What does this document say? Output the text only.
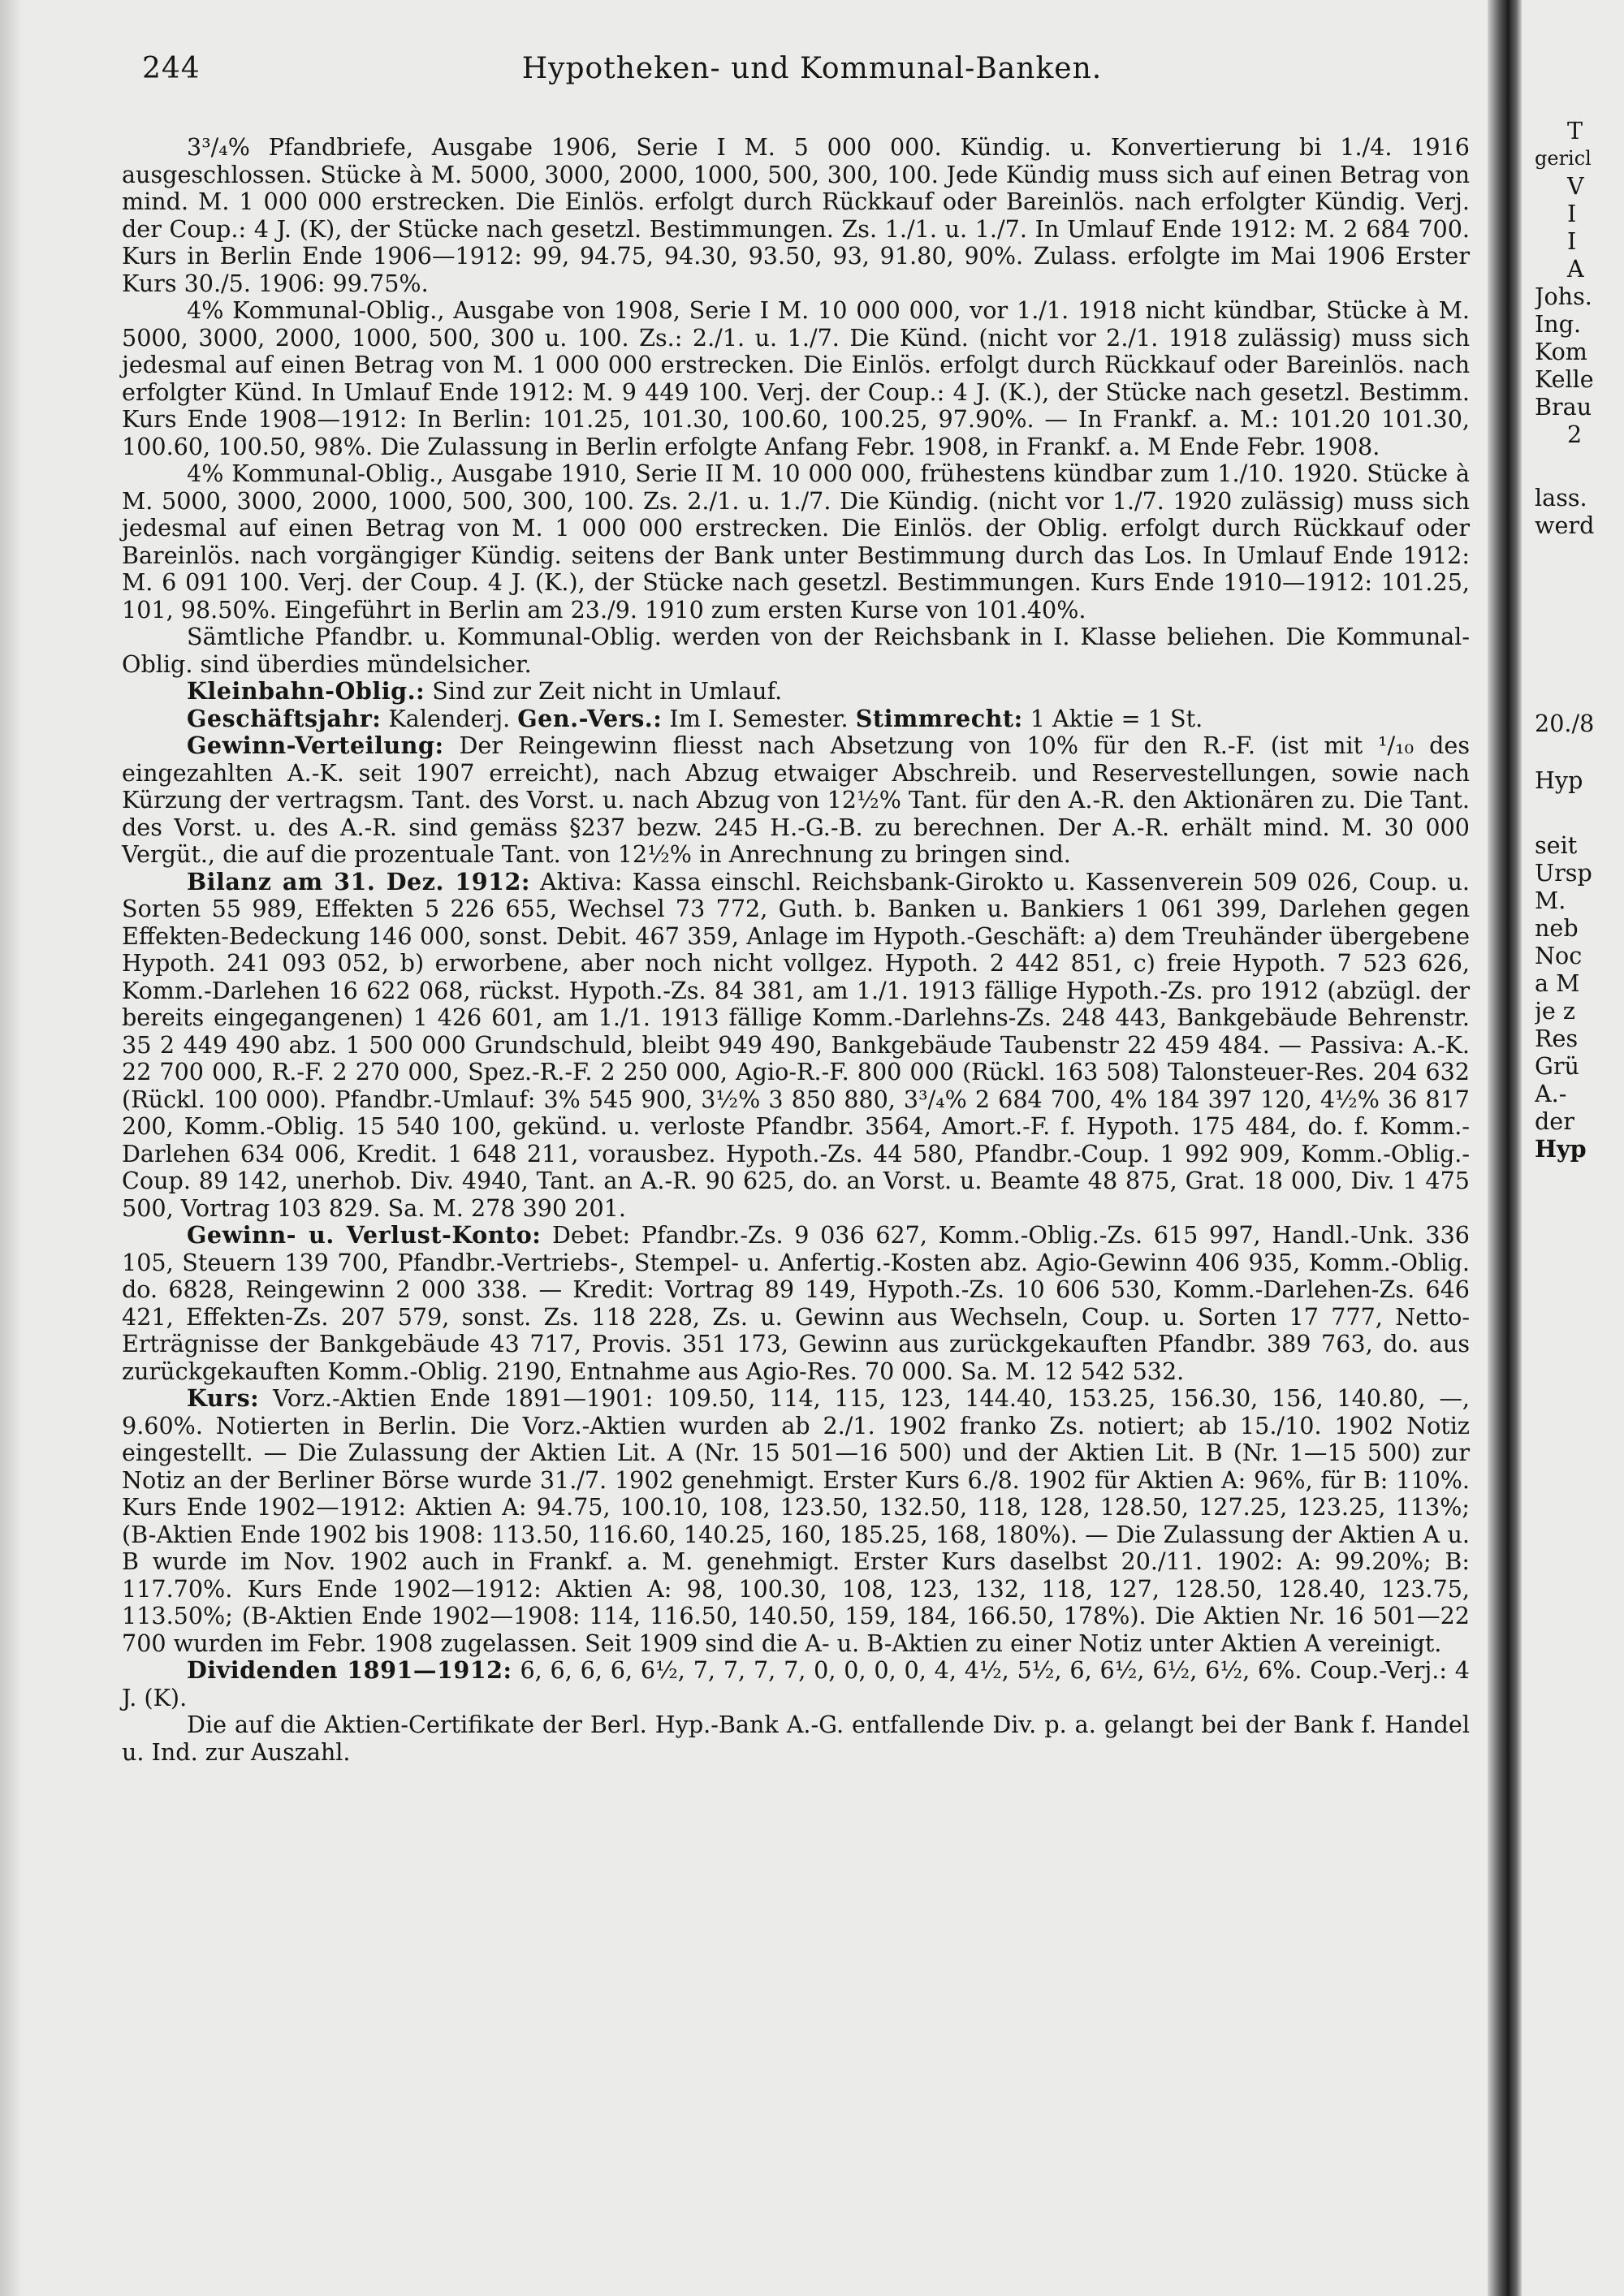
244	Hypotheken- und Kommunal-Banken.

3³/₄% Pfandbriefe, Ausgabe 1906, Serie I M. 5 000 000. Kündig. u. Konvertierung bi 1./4. 1916 ausgeschlossen. Stücke à M. 5000, 3000, 2000, 1000, 500, 300, 100. Jede Kündig muss sich auf einen Betrag von mind. M. 1 000 000 erstrecken. Die Einlös. erfolgt durch Rückkauf oder Bareinlös. nach erfolgter Kündig. Verj. der Coup.: 4 J. (K), der Stücke nach gesetzl. Bestimmungen. Zs. 1./1. u. 1./7. In Umlauf Ende 1912: M. 2 684 700. Kurs in Berlin Ende 1906—1912: 99, 94.75, 94.30, 93.50, 93, 91.80, 90%. Zulass. erfolgte im Mai 1906 Erster Kurs 30./5. 1906: 99.75%.

4% Kommunal-Oblig., Ausgabe von 1908, Serie I M. 10 000 000, vor 1./1. 1918 nicht kündbar, Stücke à M. 5000, 3000, 2000, 1000, 500, 300 u. 100. Zs.: 2./1. u. 1./7. Die Künd. (nicht vor 2./1. 1918 zulässig) muss sich jedesmal auf einen Betrag von M. 1 000 000 erstrecken. Die Einlös. erfolgt durch Rückkauf oder Bareinlös. nach erfolgter Künd. In Umlauf Ende 1912: M. 9 449 100. Verj. der Coup.: 4 J. (K.), der Stücke nach gesetzl. Bestimm. Kurs Ende 1908—1912: In Berlin: 101.25, 101.30, 100.60, 100.25, 97.90%. — In Frankf. a. M.: 101.20 101.30, 100.60, 100.50, 98%. Die Zulassung in Berlin erfolgte Anfang Febr. 1908, in Frankf. a. M Ende Febr. 1908.

4% Kommunal-Oblig., Ausgabe 1910, Serie II M. 10 000 000, frühestens kündbar zum 1./10. 1920. Stücke à M. 5000, 3000, 2000, 1000, 500, 300, 100. Zs. 2./1. u. 1./7. Die Kündig. (nicht vor 1./7. 1920 zulässig) muss sich jedesmal auf einen Betrag von M. 1 000 000 erstrecken. Die Einlös. der Oblig. erfolgt durch Rückkauf oder Bareinlös. nach vorgängiger Kündig. seitens der Bank unter Bestimmung durch das Los. In Umlauf Ende 1912: M. 6 091 100. Verj. der Coup. 4 J. (K.), der Stücke nach gesetzl. Bestimmungen. Kurs Ende 1910—1912: 101.25, 101, 98.50%. Eingeführt in Berlin am 23./9. 1910 zum ersten Kurse von 101.40%.

Sämtliche Pfandbr. u. Kommunal-Oblig. werden von der Reichsbank in I. Klasse beliehen. Die Kommunal-Oblig. sind überdies mündelsicher.

Kleinbahn-Oblig.: Sind zur Zeit nicht in Umlauf.

Geschäftsjahr: Kalenderj. Gen.-Vers.: Im I. Semester. Stimmrecht: 1 Aktie = 1 St.

Gewinn-Verteilung: Der Reingewinn fliesst nach Absetzung von 10% für den R.-F. (ist mit ¹/₁₀ des eingezahlten A.-K. seit 1907 erreicht), nach Abzug etwaiger Abschreib. und Reservestellungen, sowie nach Kürzung der vertragsm. Tant. des Vorst. u. nach Abzug von 12½% Tant. für den A.-R. den Aktionären zu. Die Tant. des Vorst. u. des A.-R. sind gemäss §237 bezw. 245 H.-G.-B. zu berechnen. Der A.-R. erhält mind. M. 30 000 Vergüt., die auf die prozentuale Tant. von 12½% in Anrechnung zu bringen sind.

Bilanz am 31. Dez. 1912: Aktiva: Kassa einschl. Reichsbank-Girokto u. Kassenverein 509 026, Coup. u. Sorten 55 989, Effekten 5 226 655, Wechsel 73 772, Guth. b. Banken u. Bankiers 1 061 399, Darlehen gegen Effekten-Bedeckung 146 000, sonst. Debit. 467 359, Anlage im Hypoth.-Geschäft: a) dem Treuhänder übergebene Hypoth. 241 093 052, b) erworbene, aber noch nicht vollgez. Hypoth. 2 442 851, c) freie Hypoth. 7 523 626, Komm.-Darlehen 16 622 068, rückst. Hypoth.-Zs. 84 381, am 1./1. 1913 fällige Hypoth.-Zs. pro 1912 (abzügl. der bereits eingegangenen) 1 426 601, am 1./1. 1913 fällige Komm.-Darlehns-Zs. 248 443, Bankgebäude Behrenstr. 35 2 449 490 abz. 1 500 000 Grundschuld, bleibt 949 490, Bankgebäude Taubenstr 22 459 484. — Passiva: A.-K. 22 700 000, R.-F. 2 270 000, Spez.-R.-F. 2 250 000, Agio-R.-F. 800 000 (Rückl. 163 508) Talonsteuer-Res. 204 632 (Rückl. 100 000). Pfandbr.-Umlauf: 3% 545 900, 3½% 3 850 880, 3³/₄% 2 684 700, 4% 184 397 120, 4½% 36 817 200, Komm.-Oblig. 15 540 100, gekünd. u. verloste Pfandbr. 3564, Amort.-F. f. Hypoth. 175 484, do. f. Komm.-Darlehen 634 006, Kredit. 1 648 211, vorausbez. Hypoth.-Zs. 44 580, Pfandbr.-Coup. 1 992 909, Komm.-Oblig.-Coup. 89 142, unerhob. Div. 4940, Tant. an A.-R. 90 625, do. an Vorst. u. Beamte 48 875, Grat. 18 000, Div. 1 475 500, Vortrag 103 829. Sa. M. 278 390 201.

Gewinn- u. Verlust-Konto: Debet: Pfandbr.-Zs. 9 036 627, Komm.-Oblig.-Zs. 615 997, Handl.-Unk. 336 105, Steuern 139 700, Pfandbr.-Vertriebs-, Stempel- u. Anfertig.-Kosten abz. Agio-Gewinn 406 935, Komm.-Oblig. do. 6828, Reingewinn 2 000 338. — Kredit: Vortrag 89 149, Hypoth.-Zs. 10 606 530, Komm.-Darlehen-Zs. 646 421, Effekten-Zs. 207 579, sonst. Zs. 118 228, Zs. u. Gewinn aus Wechseln, Coup. u. Sorten 17 777, Netto-Erträgnisse der Bankgebäude 43 717, Provis. 351 173, Gewinn aus zurückgekauften Pfandbr. 389 763, do. aus zurückgekauften Komm.-Oblig. 2190, Entnahme aus Agio-Res. 70 000. Sa. M. 12 542 532.

Kurs: Vorz.-Aktien Ende 1891—1901: 109.50, 114, 115, 123, 144.40, 153.25, 156.30, 156, 140.80, —, 9.60%. Notierten in Berlin. Die Vorz.-Aktien wurden ab 2./1. 1902 franko Zs. notiert; ab 15./10. 1902 Notiz eingestellt. — Die Zulassung der Aktien Lit. A (Nr. 15 501—16 500) und der Aktien Lit. B (Nr. 1—15 500) zur Notiz an der Berliner Börse wurde 31./7. 1902 genehmigt. Erster Kurs 6./8. 1902 für Aktien A: 96%, für B: 110%. Kurs Ende 1902—1912: Aktien A: 94.75, 100.10, 108, 123.50, 132.50, 118, 128, 128.50, 127.25, 123.25, 113%; (B-Aktien Ende 1902 bis 1908: 113.50, 116.60, 140.25, 160, 185.25, 168, 180%). — Die Zulassung der Aktien A u. B wurde im Nov. 1902 auch in Frankf. a. M. genehmigt. Erster Kurs daselbst 20./11. 1902: A: 99.20%; B: 117.70%. Kurs Ende 1902—1912: Aktien A: 98, 100.30, 108, 123, 132, 118, 127, 128.50, 128.40, 123.75, 113.50%; (B-Aktien Ende 1902—1908: 114, 116.50, 140.50, 159, 184, 166.50, 178%). Die Aktien Nr. 16 501—22 700 wurden im Febr. 1908 zugelassen. Seit 1909 sind die A- u. B-Aktien zu einer Notiz unter Aktien A vereinigt.

Dividenden 1891—1912: 6, 6, 6, 6, 6½, 7, 7, 7, 7, 0, 0, 0, 0, 4, 4½, 5½, 6, 6½, 6½, 6½, 6%. Coup.-Verj.: 4 J. (K).

Die auf die Aktien-Certifikate der Berl. Hyp.-Bank A.-G. entfallende Div. p. a. gelangt bei der Bank f. Handel u. Ind. zur Auszahl.

T
gericl
V
I
I
A
Johs.
Ing.
Kom
Kelle
Brau
2
lass.
werd
20./8
Hyp
seit
Ursp
M.
neb
Noc
a M
je z
Res
Grü
A.-
der
Hyp
